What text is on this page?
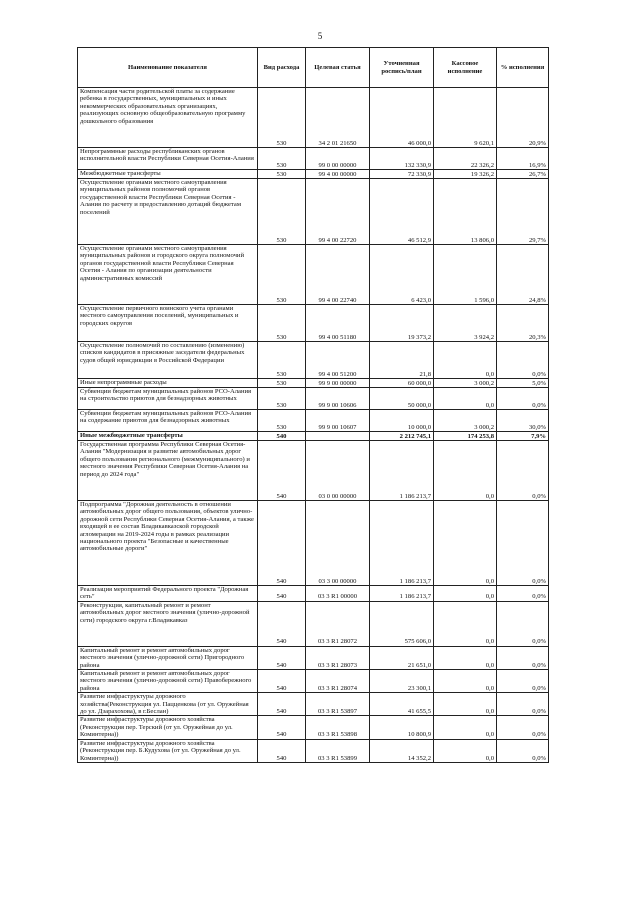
5
Наименование показателя	Вид расхода	Целевая статья	Уточненная роспись/план	Кассовое исполнение	% исполнения
Компенсация части родительской платы за содержание ребенка в государственных, муниципальных и иных некоммерческих образовательных организациях, реализующих основную общеобразовательную программу дошкольного образования	530	34 2 01 21650	46 000,0	9 620,1	20,9%
Непрограммные расходы республиканских органов исполнительной власти Республики Северная Осетия-Алания	530	99 0 00 00000	132 330,9	22 326,2	16,9%
Межбюджетные трансферты	530	99 4 00 00000	72 330,9	19 326,2	26,7%
Осуществление органами местного самоуправления муниципальных районов полномочий органов государственной власти Республики Северная Осетия - Алания по расчету и предоставлению дотаций бюджетам поселений	530	99 4 00 22720	46 512,9	13 806,0	29,7%
Осуществление органами местного самоуправления муниципальных районов и городского округа полномочий органов государственной власти Республики Северная Осетия - Алания по организации деятельности административных комиссий	530	99 4 00 22740	6 423,0	1 596,0	24,8%
Осуществление первичного воинского учета органами местного самоуправления поселений, муниципальных и городских округов	530	99 4 00 51180	19 373,2	3 924,2	20,3%
Осуществление полномочий по составлению (изменению) списков кандидатов в присяжные заседатели федеральных судов общей юрисдикции в Российской Федерации	530	99 4 00 51200	21,8	0,0	0,0%
Иные непрограммные расходы	530	99 9 00 00000	60 000,0	3 000,2	5,0%
Субвенции бюджетам муниципальных районов РСО-Алания на строительство приютов для безнадзорных животных	530	99 9 00 10606	50 000,0	0,0	0,0%
Субвенции бюджетам муниципальных районов РСО-Алания на содержание приютов для безнадзорных животных	530	99 9 00 10607	10 000,0	3 000,2	30,0%
Иные межбюджетные трансферты	540		2 212 745,1	174 253,8	7,9%
Государственная программа Республики Северная Осетия-Алания "Модернизация и развитие автомобильных дорог общего пользования регионального (межмуниципального) и местного значения Республики Северная Осетия-Алания на период до 2024 года"	540	03 0 00 00000	1 186 213,7	0,0	0,0%
Подпрограмма "Дорожная деятельность в отношении автомобильных дорог общего пользования, объектов улично-дорожной сети Республики Северная Осетия-Алания, а также входящей в ее состав Владикавказской городской агломерации на 2019-2024 годы в рамках реализации национального проекта "Безопасные и качественные автомобильные дороги"	540	03 3 00 00000	1 186 213,7	0,0	0,0%
Реализация мероприятий Федерального проекта "Дорожная сеть"	540	03 3 R1 00000	1 186 213,7	0,0	0,0%
Реконструкция, капитальный ремонт и ремонт автомобильных дорог местного значения (улично-дорожной сети) городского округа г.Владикавказ	540	03 3 R1 28072	575 606,0	0,0	0,0%
Капитальный ремонт и ремонт автомобильных дорог местного значения (улично-дорожной сети) Пригородного района	540	03 3 R1 28073	21 651,0	0,0	0,0%
Капитальный ремонт и ремонт автомобильных дорог местного значения (улично-дорожной сети) Правобережного района	540	03 3 R1 28074	23 300,1	0,0	0,0%
Развитие инфраструктуры дорожного хозяйства(Реконструкция ул. Пацценкова (от ул. Оружейная до ул. Дзарахохова), в г.Беслан)	540	03 3 R1 53897	41 655,5	0,0	0,0%
Развитие инфраструктуры дорожного хозяйства (Реконструкция пер. Терский (от ул. Оружейная до ул. Коминтерна))	540	03 3 R1 53898	10 800,9	0,0	0,0%
Развитие инфраструктуры дорожного хозяйства (Реконструкция пер. Б.Кудухова (от ул. Оружейная до ул. Коминтерна))	540	03 3 R1 53899	14 352,2	0,0	0,0%
